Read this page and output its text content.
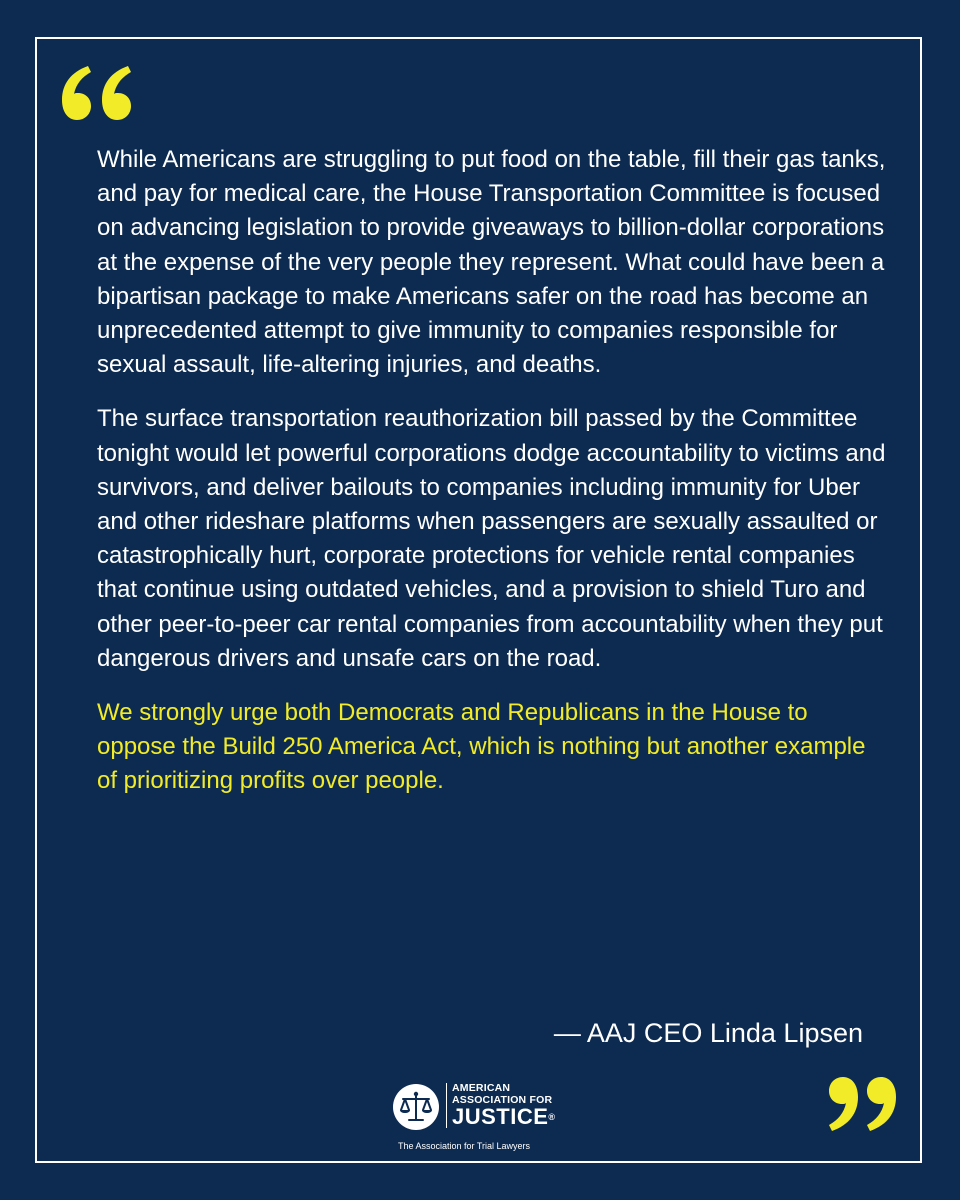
While Americans are struggling to put food on the table, fill their gas tanks, and pay for medical care, the House Transportation Committee is focused on advancing legislation to provide giveaways to billion-dollar corporations at the expense of the very people they represent. What could have been a bipartisan package to make Americans safer on the road has become an unprecedented attempt to give immunity to companies responsible for sexual assault, life-altering injuries, and deaths.

The surface transportation reauthorization bill passed by the Committee tonight would let powerful corporations dodge accountability to victims and survivors, and deliver bailouts to companies including immunity for Uber and other rideshare platforms when passengers are sexually assaulted or catastrophically hurt, corporate protections for vehicle rental companies that continue using outdated vehicles, and a provision to shield Turo and other peer-to-peer car rental companies from accountability when they put dangerous drivers and unsafe cars on the road.

We strongly urge both Democrats and Republicans in the House to oppose the Build 250 America Act, which is nothing but another example of prioritizing profits over people.

— AAJ CEO Linda Lipsen
AMERICAN
ASSOCIATION FOR
JUSTICE®
The Association for Trial Lawyers
